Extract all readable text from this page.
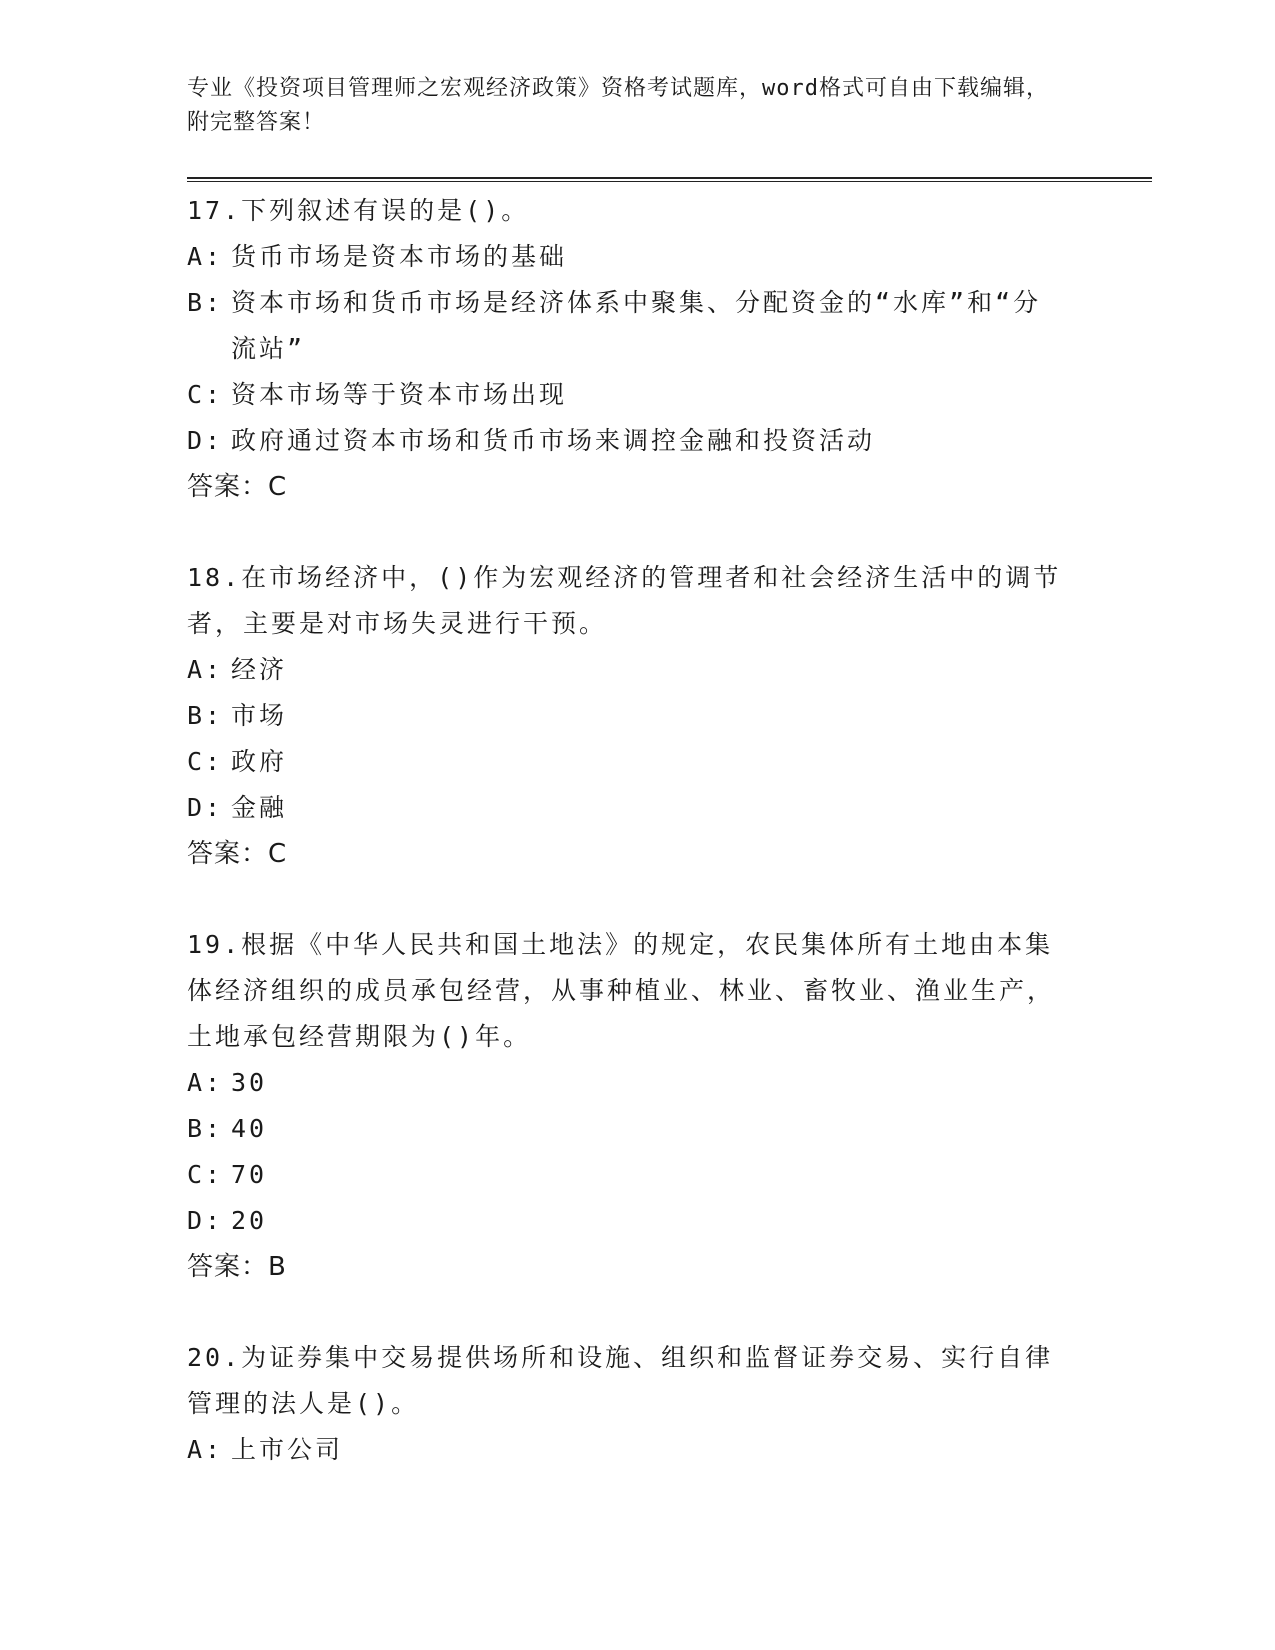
专业《投资项目管理师之宏观经济政策》资格考试题库，word格式可自由下载编辑，附完整答案！
17.下列叙述有误的是()。
A: 货币市场是资本市场的基础
B: 资本市场和货币市场是经济体系中聚集、分配资金的“水库”和“分流站”
C: 资本市场等于资本市场出现
D: 政府通过资本市场和货币市场来调控金融和投资活动
答案：C
18.在市场经济中，()作为宏观经济的管理者和社会经济生活中的调节者，主要是对市场失灵进行干预。
A: 经济
B: 市场
C: 政府
D: 金融
答案：C
19.根据《中华人民共和国土地法》的规定，农民集体所有土地由本集体经济组织的成员承包经营，从事种植业、林业、畜牧业、渔业生产，土地承包经营期限为()年。
A: 30
B: 40
C: 70
D: 20
答案：B
20.为证券集中交易提供场所和设施、组织和监督证券交易、实行自律管理的法人是()。
A: 上市公司
